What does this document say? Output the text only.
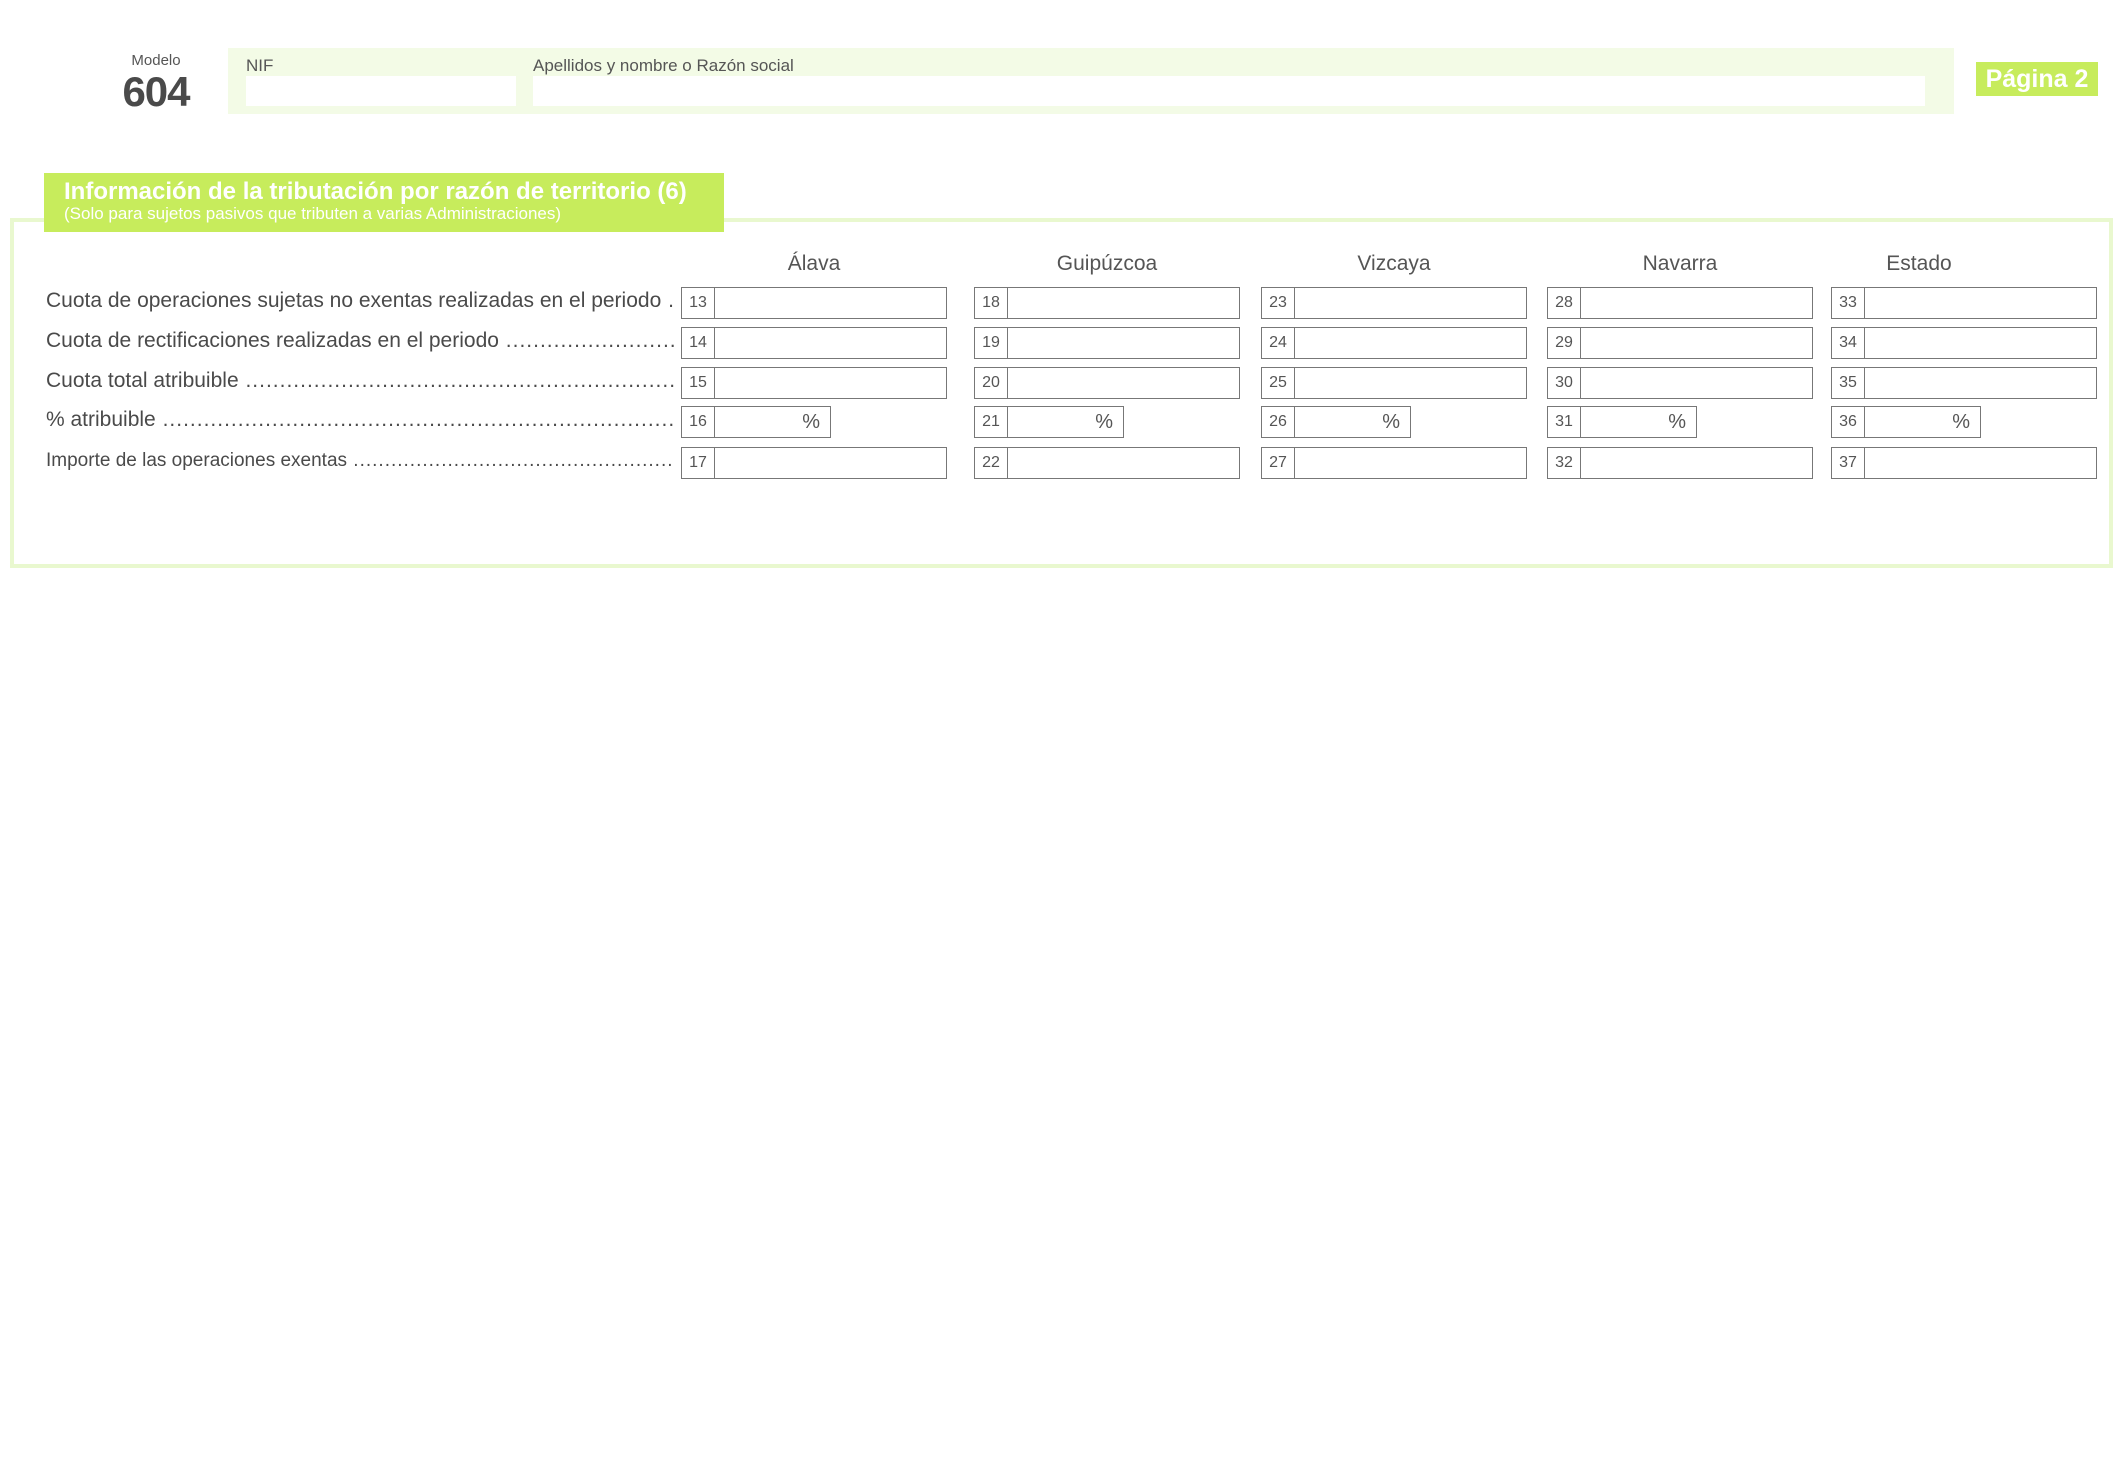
Modelo
604
NIF	Apellidos y nombre o Razón social	Página 2
Información de la tributación por razón de territorio (6)
(Solo para sujetos pasivos que tributen a varias Administraciones)
Álava	Guipúzcoa	Vizcaya	Navarra	Estado
Cuota de operaciones sujetas no exentas realizadas en el periodo .....	13	18	23	28	33
Cuota de rectificaciones realizadas en el periodo .....	14	19	24	29	34
Cuota total atribuible .....	15	20	25	30	35
% atribuible .....	16	%	21	%	26	%	31	%	36	%
Importe de las operaciones exentas .....	17	22	27	32	37
